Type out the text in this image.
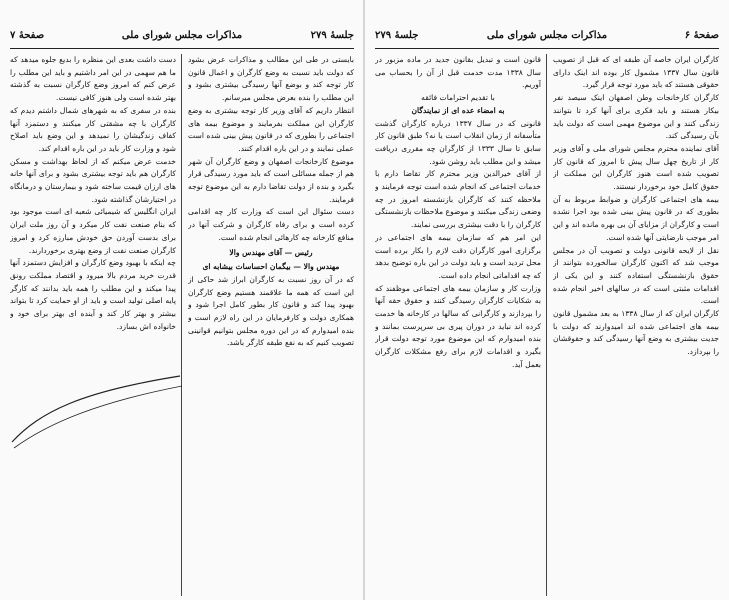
جلسهٔ ۲۷۹
مذاکرات مجلس شورای ملی
صفحهٔ ۷

بایستی در طی این مطالب و مذاکرات عرض بشود که دولت باید نسبت به وضع کارگران و اعمال قانون کار توجه کند و بوضع آنها رسیدگی بیشتری بشود و این مطلب را بنده بعرض مجلس میرسانم.

انتظار داریم که آقای وزیر کار توجه بیشتری به وضع کارگران این مملکت بفرمایند و موضوع بیمه های اجتماعی را بطوری که در قانون پیش بینی شده است عملی نمایند و در این باره اقدام کنند.

موضوع کارخانجات اصفهان و وضع کارگران آن شهر هم از جمله مسائلی است که باید مورد رسیدگی قرار بگیرد و بنده از دولت تقاضا دارم به این موضوع توجه فرمایند.

دست سئوال این است که وزارت کار چه اقدامی کرده است و برای رفاه کارگران و شرکت آنها در منافع کارخانه چه کارهائی انجام شده است.

رئیس — آقای مهندس والا

مهندس والا — بیگمان احساسات بیشابه ای

که در آن روز نسبت به کارگران ابراز شد حاکی از این است که همه ما علاقمند هستیم وضع کارگران بهبود پیدا کند و قانون کار بطور کامل اجرا شود و همکاری دولت و کارفرمایان در این راه لازم است و بنده امیدوارم که در این دوره مجلس بتوانیم قوانینی تصویب کنیم که به نفع طبقه کارگر باشد.

دست داشت بعدی این منظره را بدیع جلوه میدهد که ما هم سهمی در این امر داشتیم و باید این مطلب را عرض کنم که امروز وضع کارگران نسبت به گذشته بهتر شده است ولی هنوز کافی نیست.

بنده در سفری که به شهرهای شمال داشتم دیدم که کارگران با چه مشقتی کار میکنند و دستمزد آنها کفاف زندگیشان را نمیدهد و این وضع باید اصلاح شود و وزارت کار باید در این باره اقدام کند.

خدمت عرض میکنم که از لحاظ بهداشت و مسکن کارگران هم باید توجه بیشتری بشود و برای آنها خانه های ارزان قیمت ساخته شود و بیمارستان و درمانگاه در اختیارشان گذاشته شود.

ایران انگلیس که شیمیائی شعبه ای است موجود بود که بنام صنعت نفت کار میکرد و آن روز ملت ایران برای بدست آوردن حق خودش مبارزه کرد و امروز کارگران صنعت نفت از وضع بهتری برخوردارند.

چه اینکه با بهبود وضع کارگران و افزایش دستمزد آنها قدرت خرید مردم بالا میرود و اقتصاد مملکت رونق پیدا میکند و این مطلب را همه باید بدانند که کارگر پایه اصلی تولید است و باید از او حمایت کرد تا بتواند بیشتر و بهتر کار کند و آینده ای بهتر برای خود و خانواده اش بسازد.

صفحهٔ ۶
مذاکرات مجلس شورای ملی
جلسهٔ ۲۷۹

کارگران ایران خاصه آن طبقه ای که قبل از تصویب قانون سال ۱۳۳۷ مشمول کار بوده اند اینک دارای حقوقی هستند که باید مورد توجه قرار گیرد.

کارگران کارخانجات وطن اصفهان اینک سیصد نفر بیکار هستند و باید فکری برای آنها کرد تا بتوانند زندگی کنند و این موضوع مهمی است که دولت باید بآن رسیدگی کند.

آقای نماینده محترم مجلس شورای ملی و آقای وزیر کار از تاریخ چهل سال پیش تا امروز که قانون کار تصویب شده است هنوز کارگران این مملکت از حقوق کامل خود برخوردار نیستند.

بیمه های اجتماعی کارگران و ضوابط مربوط به آن بطوری که در قانون پیش بینی شده بود اجرا نشده است و کارگران از مزایای آن بی بهره مانده اند و این امر موجب نارضایتی آنها شده است.

نقل از لایحه قانونی دولت و تصویب آن در مجلس موجب شد که اکنون کارگران سالخورده بتوانند از حقوق بازنشستگی استفاده کنند و این یکی از اقدامات مثبتی است که در سالهای اخیر انجام شده است.

کارگران ایران که از سال ۱۳۳۸ به بعد مشمول قانون بیمه های اجتماعی شده اند امیدوارند که دولت با جدیت بیشتری به وضع آنها رسیدگی کند و حقوقشان را بپردازد.

قانون است و تبدیل بقانون جدید در ماده مزبور در سال ۱۳۳۸ مدت خدمت قبل از آن را بحساب می آوریم.

با تقدیم احترامات فائقه

به امضاء عده ای از نمایندگان

قانونی که در سال ۱۳۳۷ درباره کارگران گذشت متأسفانه از زمان انقلاب است یا نه؟ طبق قانون کار سابق تا سال ۱۳۳۳ از کارگران چه مقرری دریافت میشد و این مطلب باید روشن شود.

از آقای خیرالدین وزیر محترم کار تقاضا دارم با خدمات اجتماعی که انجام شده است توجه فرمایند و ملاحظه کنند که کارگران بازنشسته امروز در چه وضعی زندگی میکنند و موضوع ملاحظات بازنشستگی کارگران را با دقت بیشتری بررسی نمایند.

این امر هم که سازمان بیمه های اجتماعی در برگزاری امور کارگران دقت لازم را بکار برده است محل تردید است و باید دولت در این باره توضیح بدهد که چه اقداماتی انجام داده است.

وزارت کار و سازمان بیمه های اجتماعی موظفند که به شکایات کارگران رسیدگی کنند و حقوق حقه آنها را بپردازند و کارگرانی که سالها در کارخانه ها خدمت کرده اند نباید در دوران پیری بی سرپرست بمانند و بنده امیدوارم که این موضوع مورد توجه دولت قرار بگیرد و اقدامات لازم برای رفع مشکلات کارگران بعمل آید.
